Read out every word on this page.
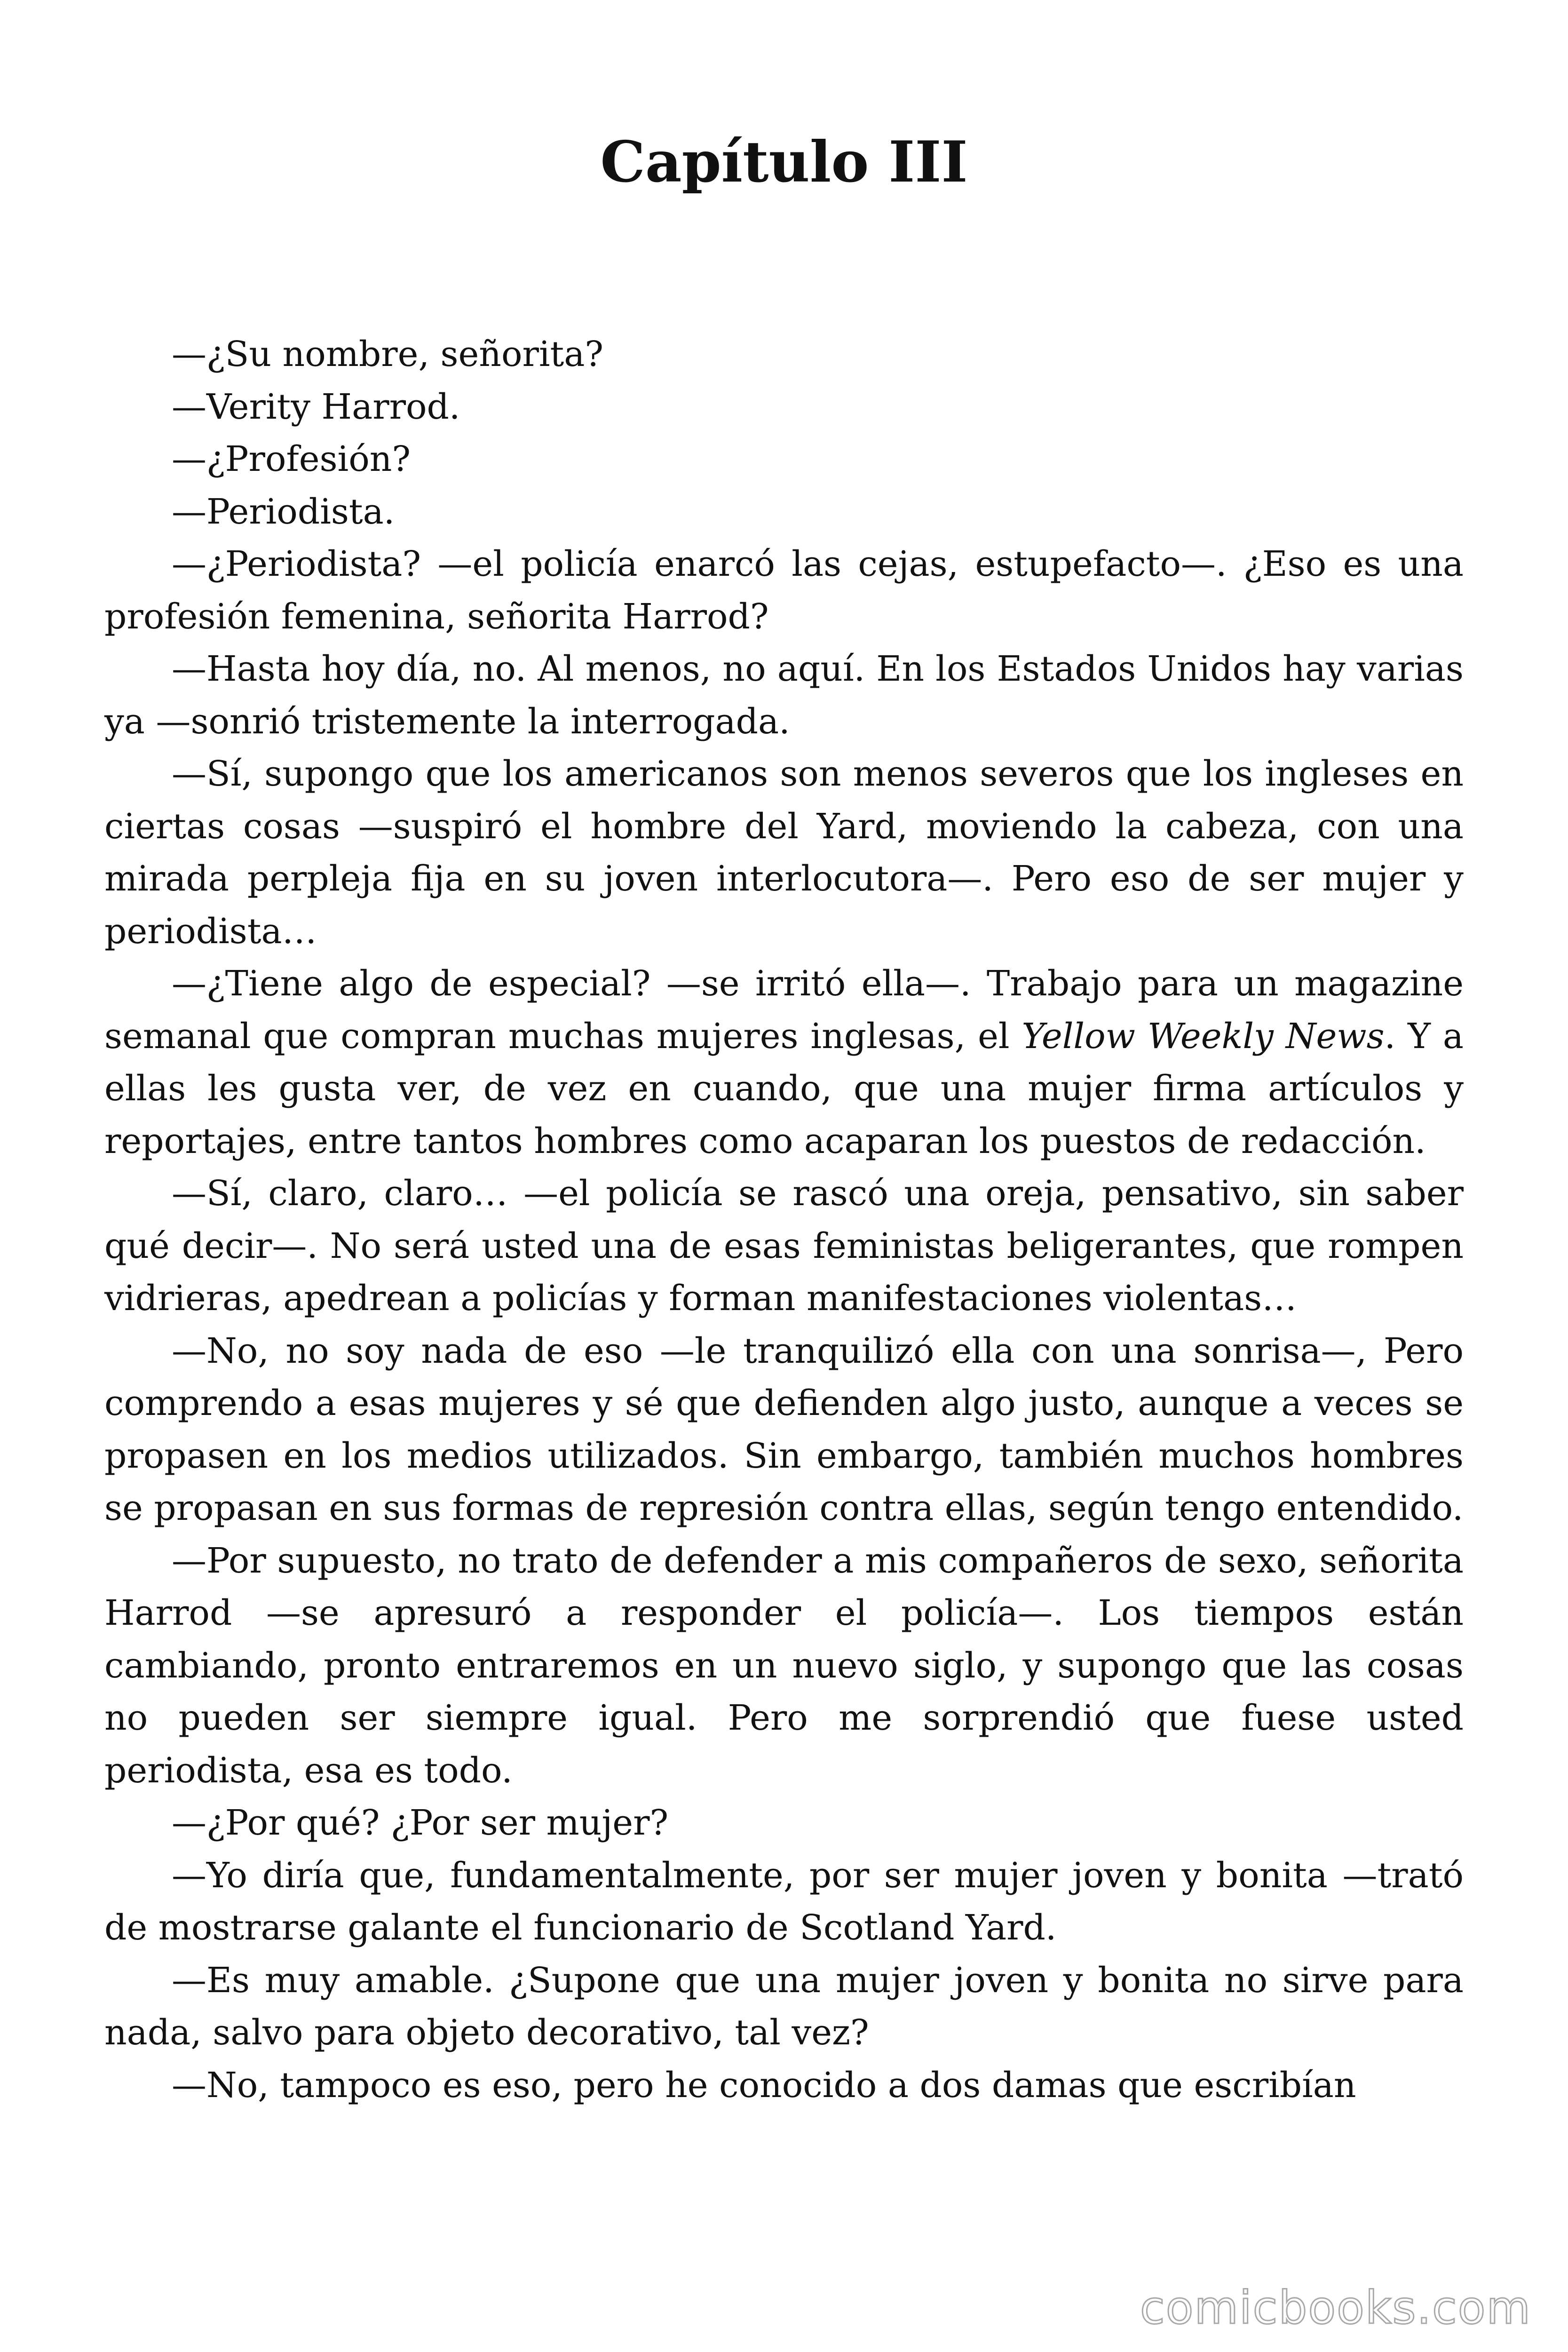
Capítulo III

—¿Su nombre, señorita?

—Verity Harrod.

—¿Profesión?

—Periodista.

—¿Periodista? —el policía enarcó las cejas, estupefacto—. ¿Eso es una profesión femenina, señorita Harrod?

—Hasta hoy día, no. Al menos, no aquí. En los Estados Unidos hay varias ya —sonrió tristemente la interrogada.

—Sí, supongo que los americanos son menos severos que los ingleses en ciertas cosas —suspiró el hombre del Yard, moviendo la cabeza, con una mirada perpleja fija en su joven interlocutora—. Pero eso de ser mujer y periodista…

—¿Tiene algo de especial? —se irritó ella—. Trabajo para un magazine semanal que compran muchas mujeres inglesas, el Yellow Weekly News. Y a ellas les gusta ver, de vez en cuando, que una mujer firma artículos y reportajes, entre tantos hombres como acaparan los puestos de redacción.

—Sí, claro, claro… —el policía se rascó una oreja, pensativo, sin saber qué decir—. No será usted una de esas feministas beligerantes, que rompen vidrieras, apedrean a policías y forman manifestaciones violentas…

—No, no soy nada de eso —le tranquilizó ella con una sonrisa—, Pero comprendo a esas mujeres y sé que defienden algo justo, aunque a veces se propasen en los medios utilizados. Sin embargo, también muchos hombres se propasan en sus formas de represión contra ellas, según tengo entendido.

—Por supuesto, no trato de defender a mis compañeros de sexo, señorita Harrod —se apresuró a responder el policía—. Los tiempos están cambiando, pronto entraremos en un nuevo siglo, y supongo que las cosas no pueden ser siempre igual. Pero me sorprendió que fuese usted periodista, esa es todo.

—¿Por qué? ¿Por ser mujer?

—Yo diría que, fundamentalmente, por ser mujer joven y bonita —trató de mostrarse galante el funcionario de Scotland Yard.

—Es muy amable. ¿Supone que una mujer joven y bonita no sirve para nada, salvo para objeto decorativo, tal vez?

—No, tampoco es eso, pero he conocido a dos damas que escribían

comicbooks.com
